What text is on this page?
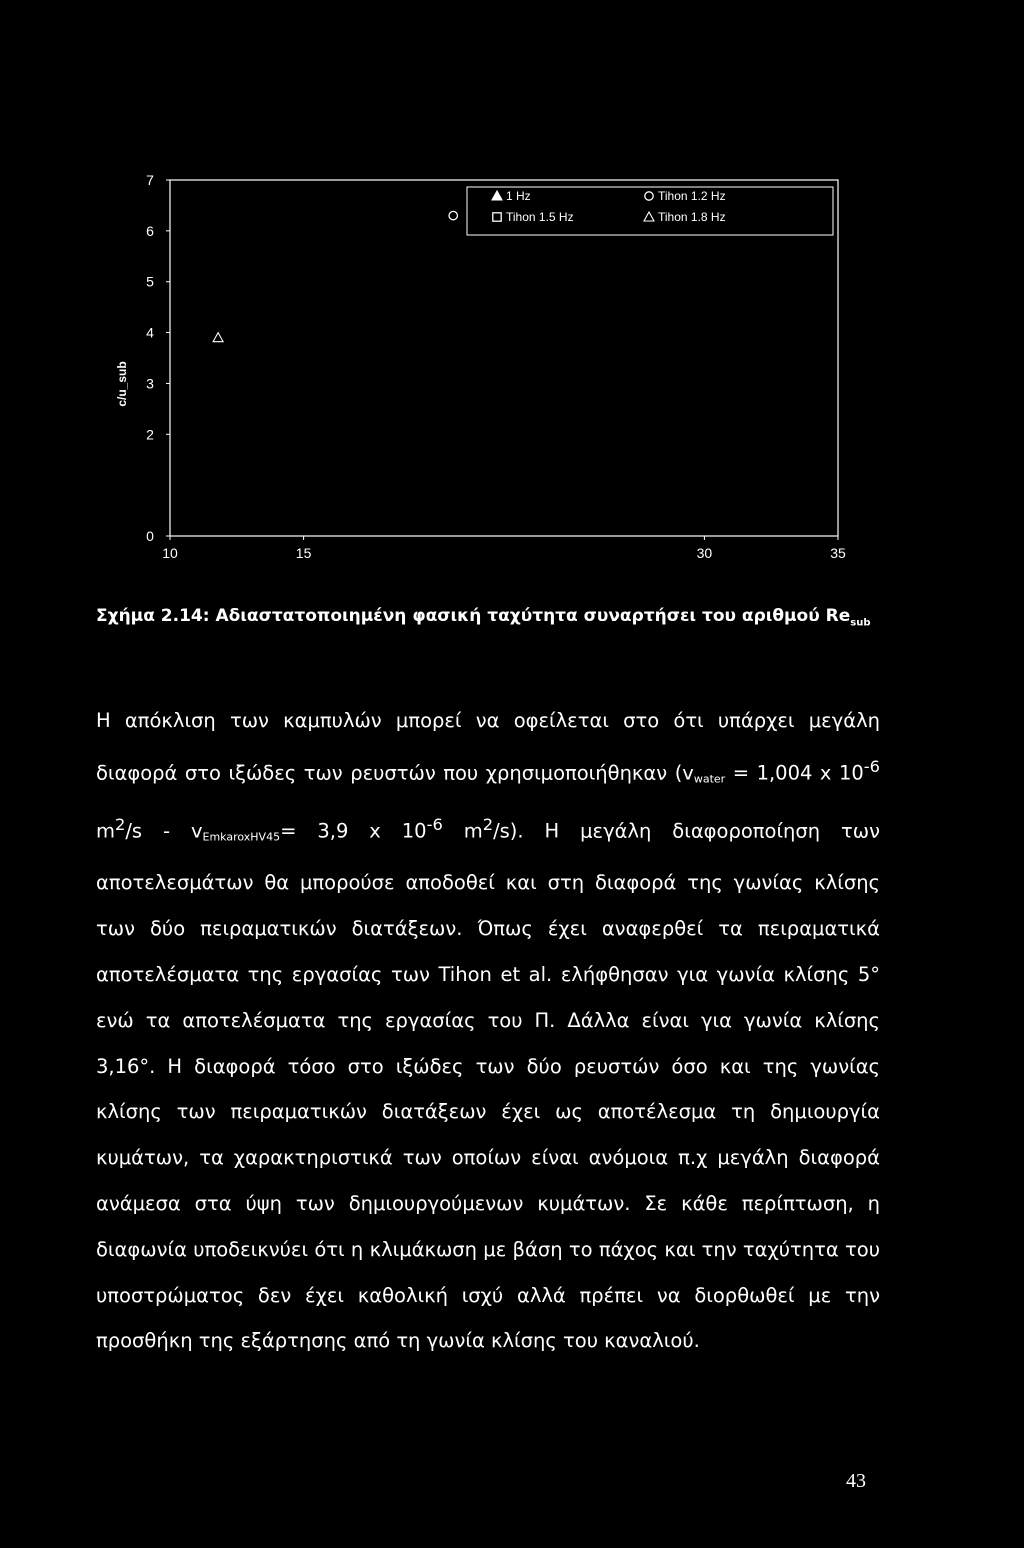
0
2
3
4
5
6
7
10	15	30	35
c/u_sub
1 Hz	Tihon 1.2 Hz
Tihon 1.5 Hz	Tihon 1.8 Hz
Σχήμα 2.14: Αδιαστατοποιημένη φασική ταχύτητα συναρτήσει του αριθμού $Re_{sub}$

Η απόκλιση των καμπυλών μπορεί να οφείλεται στο ότι υπάρχει μεγάλη διαφορά στο ιξώδες των ρευστών που χρησιμοποιήθηκαν (vwater = 1,004 x $10^{-6}$ $m^2/s$ - vEmkaroxHV45= 3,9 x $10^{-6}$ $m^2/s$). Η μεγάλη διαφοροποίηση των αποτελεσμάτων θα μπορούσε αποδοθεί και στη διαφορά της γωνίας κλίσης των δύο πειραματικών διατάξεων. Όπως έχει αναφερθεί τα πειραματικά αποτελέσματα της εργασίας των Tihon et al. ελήφθησαν για γωνία κλίσης 5° ενώ τα αποτελέσματα της εργασίας του Π. Δάλλα είναι για γωνία κλίσης 3,16°. Η διαφορά τόσο στο ιξώδες των δύο ρευστών όσο και της γωνίας κλίσης των πειραματικών διατάξεων έχει ως αποτέλεσμα τη δημιουργία κυμάτων, τα χαρακτηριστικά των οποίων είναι ανόμοια π.χ μεγάλη διαφορά ανάμεσα στα ύψη των δημιουργούμενων κυμάτων. Σε κάθε περίπτωση, η διαφωνία υποδεικνύει ότι η κλιμάκωση με βάση το πάχος και την ταχύτητα του υποστρώματος δεν έχει καθολική ισχύ αλλά πρέπει να διορθωθεί με την προσθήκη της εξάρτησης από τη γωνία κλίσης του καναλιού.

43
